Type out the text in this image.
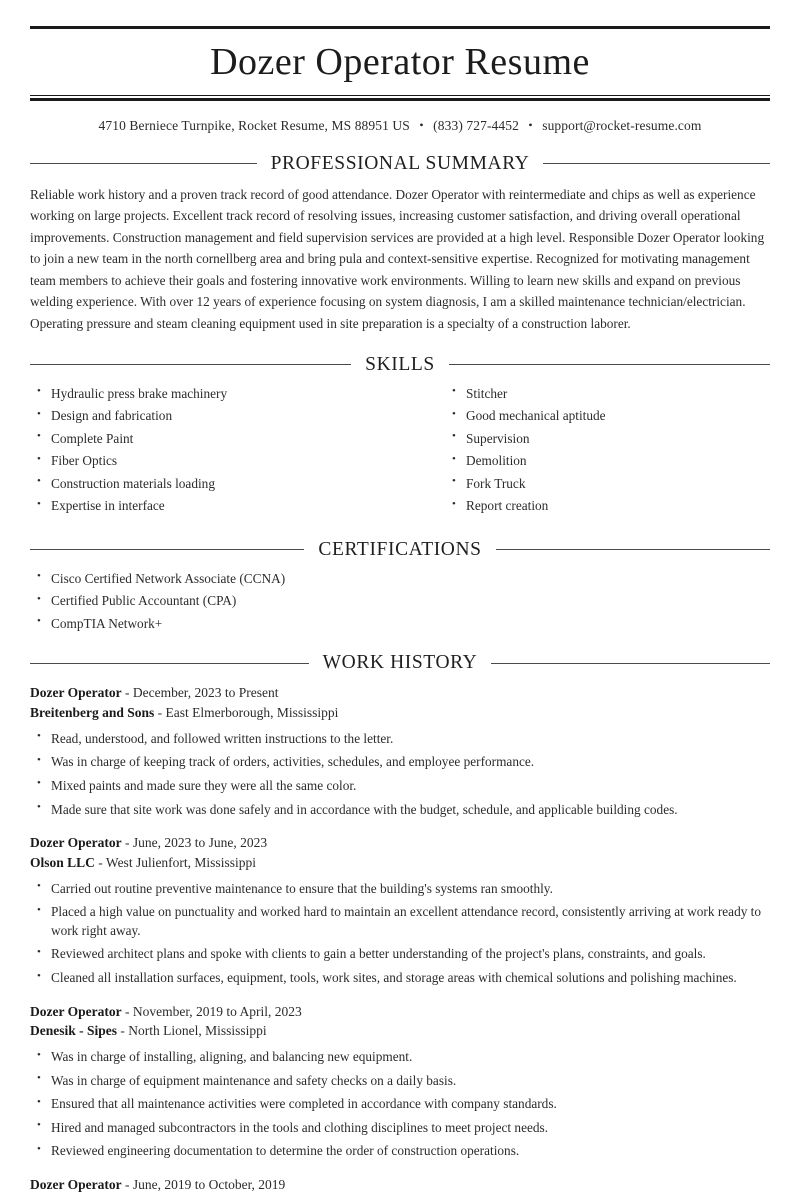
Dozer Operator Resume
4710 Berniece Turnpike, Rocket Resume, MS 88951 US • (833) 727-4452 • support@rocket-resume.com
PROFESSIONAL SUMMARY

Reliable work history and a proven track record of good attendance. Dozer Operator with reintermediate and chips as well as experience working on large projects. Excellent track record of resolving issues, increasing customer satisfaction, and driving overall operational improvements. Construction management and field supervision services are provided at a high level. Responsible Dozer Operator looking to join a new team in the north cornellberg area and bring pula and context-sensitive expertise. Recognized for motivating management team members to achieve their goals and fostering innovative work environments. Willing to learn new skills and expand on previous welding experience. With over 12 years of experience focusing on system diagnosis, I am a skilled maintenance technician/electrician. Operating pressure and steam cleaning equipment used in site preparation is a specialty of a construction laborer.

SKILLS
• Hydraulic press brake machinery
• Design and fabrication
• Complete Paint
• Fiber Optics
• Construction materials loading
• Expertise in interface
• Stitcher
• Good mechanical aptitude
• Supervision
• Demolition
• Fork Truck
• Report creation
CERTIFICATIONS
• Cisco Certified Network Associate (CCNA)
• Certified Public Accountant (CPA)
• CompTIA Network+
WORK HISTORY
Dozer Operator - December, 2023 to Present
Breitenberg and Sons - East Elmerborough, Mississippi
• Read, understood, and followed written instructions to the letter.
• Was in charge of keeping track of orders, activities, schedules, and employee performance.
• Mixed paints and made sure they were all the same color.
• Made sure that site work was done safely and in accordance with the budget, schedule, and applicable building codes.
Dozer Operator - June, 2023 to June, 2023
Olson LLC - West Julienfort, Mississippi
• Carried out routine preventive maintenance to ensure that the building's systems ran smoothly.
• Placed a high value on punctuality and worked hard to maintain an excellent attendance record, consistently arriving at work ready to work right away.
• Reviewed architect plans and spoke with clients to gain a better understanding of the project's plans, constraints, and goals.
• Cleaned all installation surfaces, equipment, tools, work sites, and storage areas with chemical solutions and polishing machines.
Dozer Operator - November, 2019 to April, 2023
Denesik - Sipes - North Lionel, Mississippi
• Was in charge of installing, aligning, and balancing new equipment.
• Was in charge of equipment maintenance and safety checks on a daily basis.
• Ensured that all maintenance activities were completed in accordance with company standards.
• Hired and managed subcontractors in the tools and clothing disciplines to meet project needs.
• Reviewed engineering documentation to determine the order of construction operations.
Dozer Operator - June, 2019 to October, 2019
